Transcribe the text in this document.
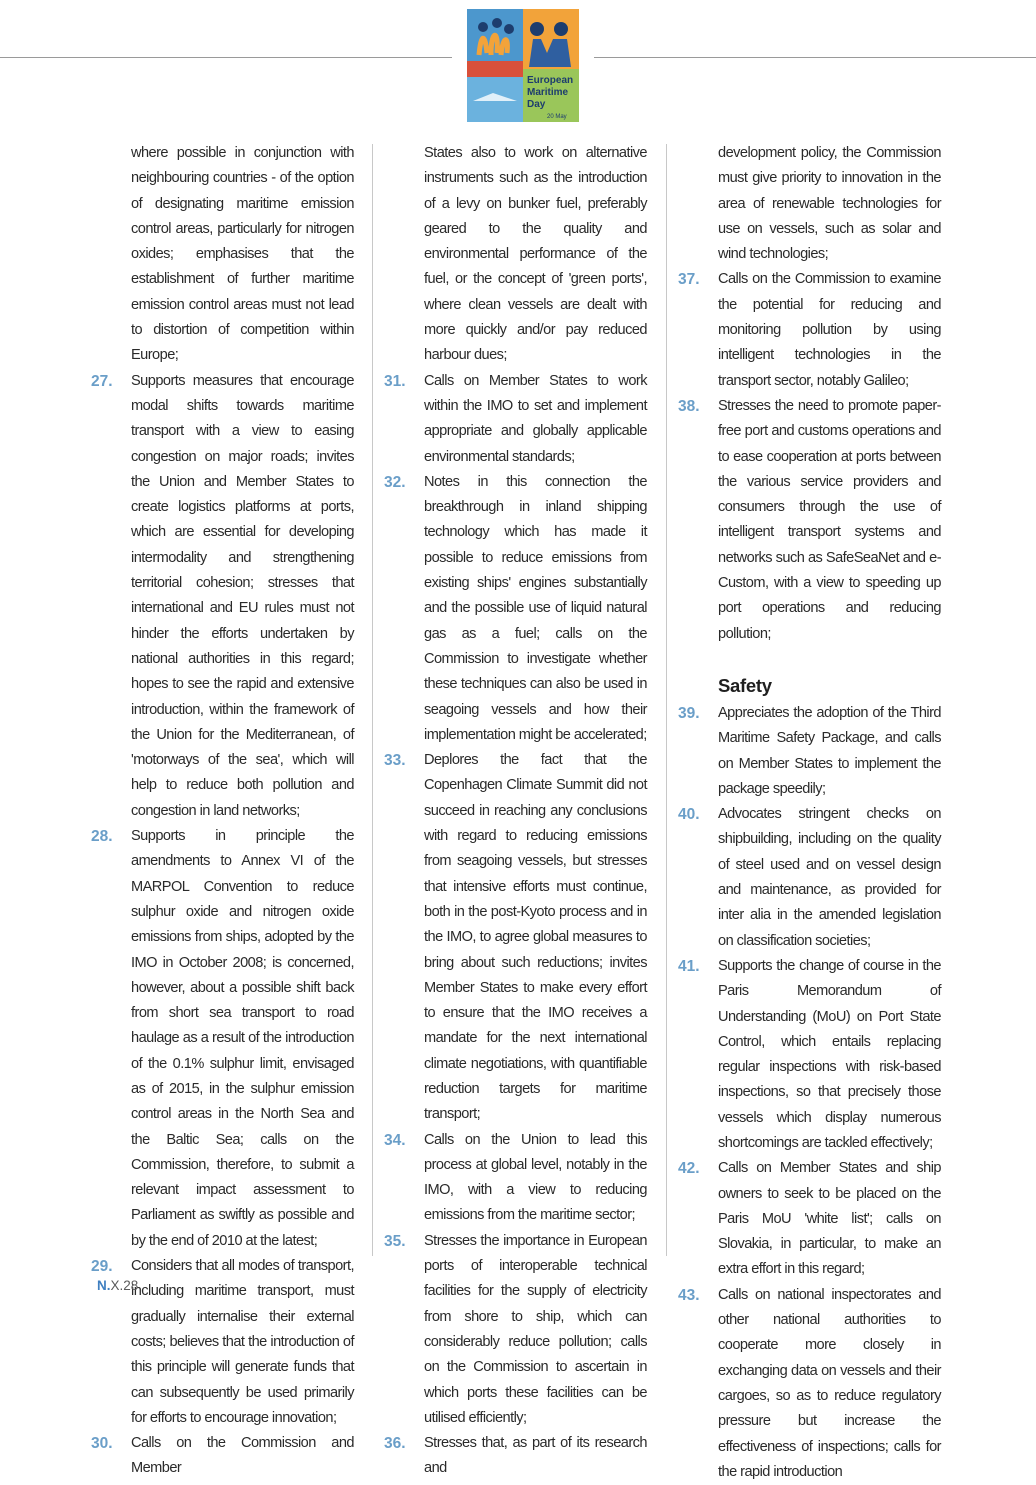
European
Maritime
Day
20 May
where possible in conjunction with neighbouring countries - of the option of designating maritime emission control areas, particularly for nitrogen oxides; emphasises that the establishment of further maritime emission control areas must not lead to distortion of competition within Europe;
27. Supports measures that encourage modal shifts towards maritime transport with a view to easing congestion on major roads; invites the Union and Member States to create logistics platforms at ports, which are essential for developing intermodality and strengthening territorial cohesion; stresses that international and EU rules must not hinder the efforts undertaken by national authorities in this regard; hopes to see the rapid and extensive introduction, within the framework of the Union for the Mediterranean, of 'motorways of the sea', which will help to reduce both pollution and congestion in land networks;
28. Supports in principle the amendments to Annex VI of the MARPOL Convention to reduce sulphur oxide and nitrogen oxide emissions from ships, adopted by the IMO in October 2008; is concerned, however, about a possible shift back from short sea transport to road haulage as a result of the introduction of the 0.1% sulphur limit, envisaged as of 2015, in the sulphur emission control areas in the North Sea and the Baltic Sea; calls on the Commission, therefore, to submit a relevant impact assessment to Parliament as swiftly as possible and by the end of 2010 at the latest;
29. Considers that all modes of transport, including maritime transport, must gradually internalise their external costs; believes that the introduction of this principle will generate funds that can subsequently be used primarily for efforts to encourage innovation;
30. Calls on the Commission and Member
States also to work on alternative instruments such as the introduction of a levy on bunker fuel, preferably geared to the quality and environmental performance of the fuel, or the concept of 'green ports', where clean vessels are dealt with more quickly and/or pay reduced harbour dues;
31. Calls on Member States to work within the IMO to set and implement appropriate and globally applicable environmental standards;
32. Notes in this connection the breakthrough in inland shipping technology which has made it possible to reduce emissions from existing ships' engines substantially and the possible use of liquid natural gas as a fuel; calls on the Commission to investigate whether these techniques can also be used in seagoing vessels and how their implementation might be accelerated;
33. Deplores the fact that the Copenhagen Climate Summit did not succeed in reaching any conclusions with regard to reducing emissions from seagoing vessels, but stresses that intensive efforts must continue, both in the post-Kyoto process and in the IMO, to agree global measures to bring about such reductions; invites Member States to make every effort to ensure that the IMO receives a mandate for the next international climate negotiations, with quantifiable reduction targets for maritime transport;
34. Calls on the Union to lead this process at global level, notably in the IMO, with a view to reducing emissions from the maritime sector;
35. Stresses the importance in European ports of interoperable technical facilities for the supply of electricity from shore to ship, which can considerably reduce pollution; calls on the Commission to ascertain in which ports these facilities can be utilised efficiently;
36. Stresses that, as part of its research and
development policy, the Commission must give priority to innovation in the area of renewable technologies for use on vessels, such as solar and wind technologies;
37. Calls on the Commission to examine the potential for reducing and monitoring pollution by using intelligent technologies in the transport sector, notably Galileo;
38. Stresses the need to promote paper-free port and customs operations and to ease cooperation at ports between the various service providers and consumers through the use of intelligent transport systems and networks such as SafeSeaNet and e-Custom, with a view to speeding up port operations and reducing pollution;
Safety
39. Appreciates the adoption of the Third Maritime Safety Package, and calls on Member States to implement the package speedily;
40. Advocates stringent checks on shipbuilding, including on the quality of steel used and on vessel design and maintenance, as provided for inter alia in the amended legislation on classification societies;
41. Supports the change of course in the Paris Memorandum of Understanding (MoU) on Port State Control, which entails replacing regular inspections with risk-based inspections, so that precisely those vessels which display numerous shortcomings are tackled effectively;
42. Calls on Member States and ship owners to seek to be placed on the Paris MoU 'white list'; calls on Slovakia, in particular, to make an extra effort in this regard;
43. Calls on national inspectorates and other national authorities to cooperate more closely in exchanging data on vessels and their cargoes, so as to reduce regulatory pressure but increase the effectiveness of inspections; calls for the rapid introduction
N.X.28
